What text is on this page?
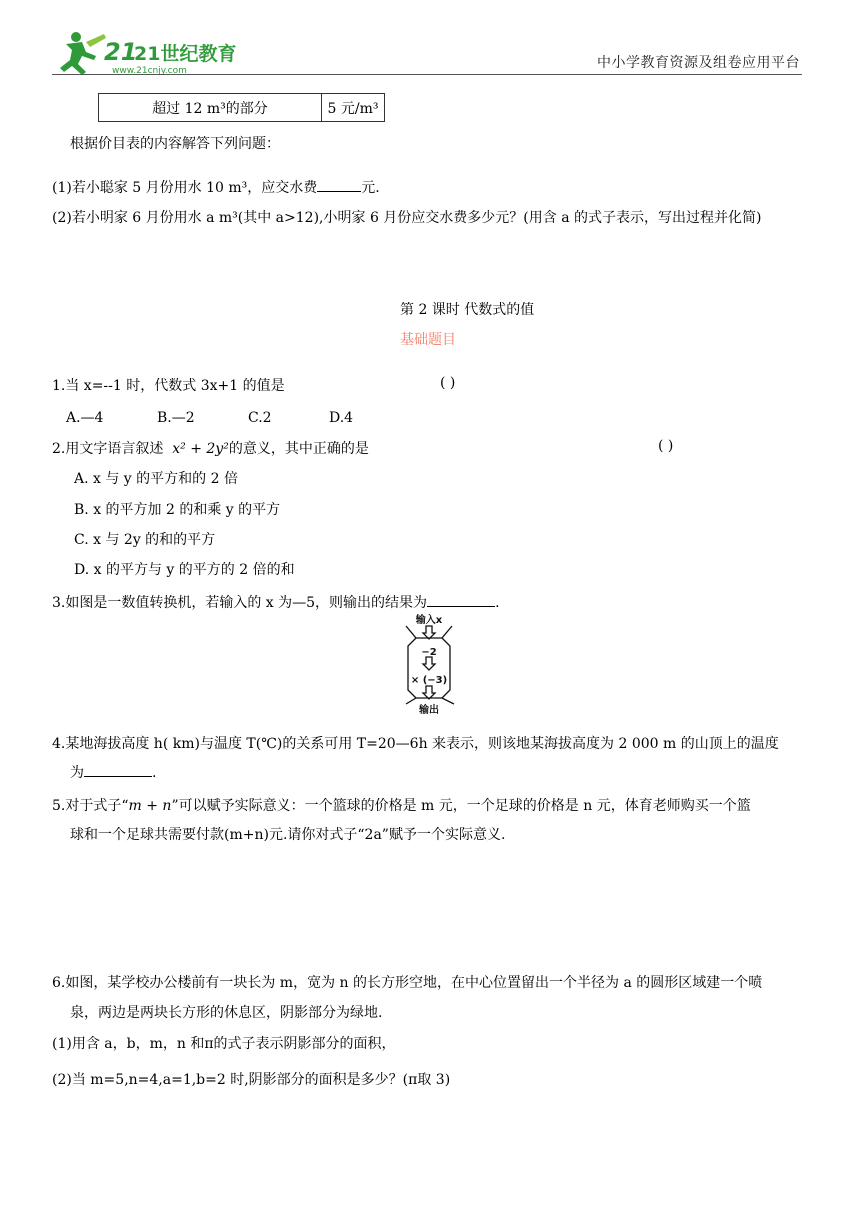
21
21世纪教育
www.21cnjy.com	中小学教育资源及组卷应用平台
超过 12 m³的部分	5 元/m³
根据价目表的内容解答下列问题：
(1)若小聪家 5 月份用水 10 m³，应交水费	元.
(2)若小明家 6 月份用水 a m³(其中 a>12),小明家 6 月份应交水费多少元？(用含 a 的式子表示，写出过程并化简)
第 2 课时 代数式的值
基础题目
1.当 x=--1 时，代数式 3x+1 的值是	( )
A.—4	B.—2	C.2	D.4
2.用文字语言叙述 x² + 2y²的意义，其中正确的是	( )
A. x 与 y 的平方和的 2 倍
B. x 的平方加 2 的和乘 y 的平方
C. x 与 2y 的和的平方
D. x 的平方与 y 的平方的 2 倍的和
3.如图是一数值转换机，若输入的 x 为—5，则输出的结果为	.
输入x
−2
× (−3)
输出
4.某地海拔高度 h( km)与温度 T(℃)的关系可用 T=20—6h 来表示，则该地某海拔高度为 2 000 m 的山顶上的温度
为	.
5.对于式子“m + n”可以赋予实际意义：一个篮球的价格是 m 元，一个足球的价格是 n 元，体育老师购买一个篮
球和一个足球共需要付款(m+n)元.请你对式子“2a”赋予一个实际意义.
6.如图，某学校办公楼前有一块长为 m，宽为 n 的长方形空地，在中心位置留出一个半径为 a 的圆形区域建一个喷
泉，两边是两块长方形的休息区，阴影部分为绿地.
(1)用含 a，b，m，n 和π的式子表示阴影部分的面积，
(2)当 m=5,n=4,a=1,b=2 时,阴影部分的面积是多少？(π取 3)
